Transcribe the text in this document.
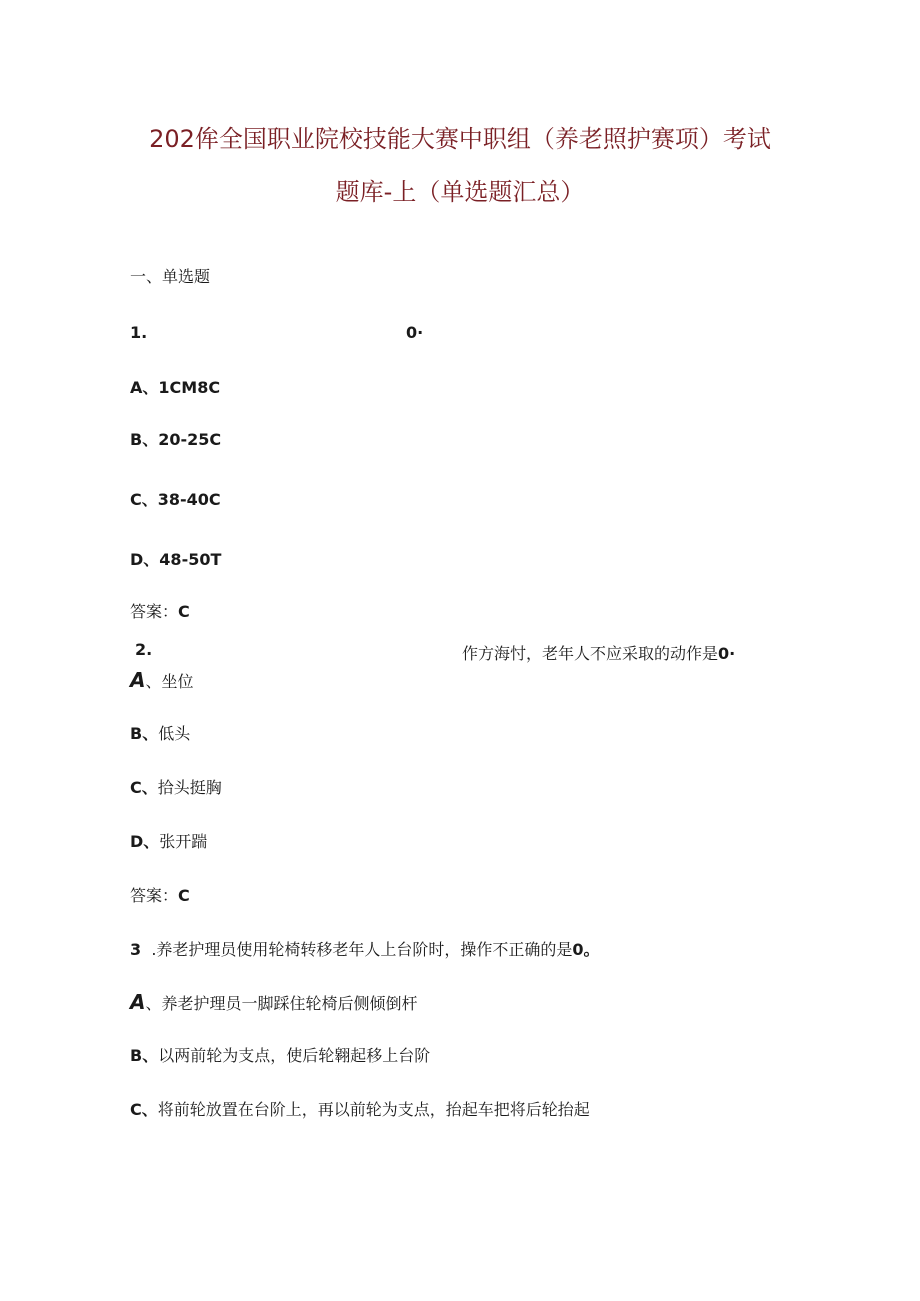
202侔全国职业院校技能大赛中职组（养老照护赛项）考试
题库-上（单选题汇总）
一、单选题
1.	0·
A、1CM8C
B、20-25C
C、38-40C
D、48-50T
答案：C
2.	作方海忖，老年人不应采取的动作是0·
A、坐位
B、低头
C、拾头挺胸
D、张开踹
答案：C
3 .养老护理员使用轮椅转移老年人上台阶时，操作不正确的是0。
A、养老护理员一脚踩住轮椅后侧倾倒杆
B、以两前轮为支点，使后轮翱起移上台阶
C、将前轮放置在台阶上，再以前轮为支点，抬起车把将后轮抬起
